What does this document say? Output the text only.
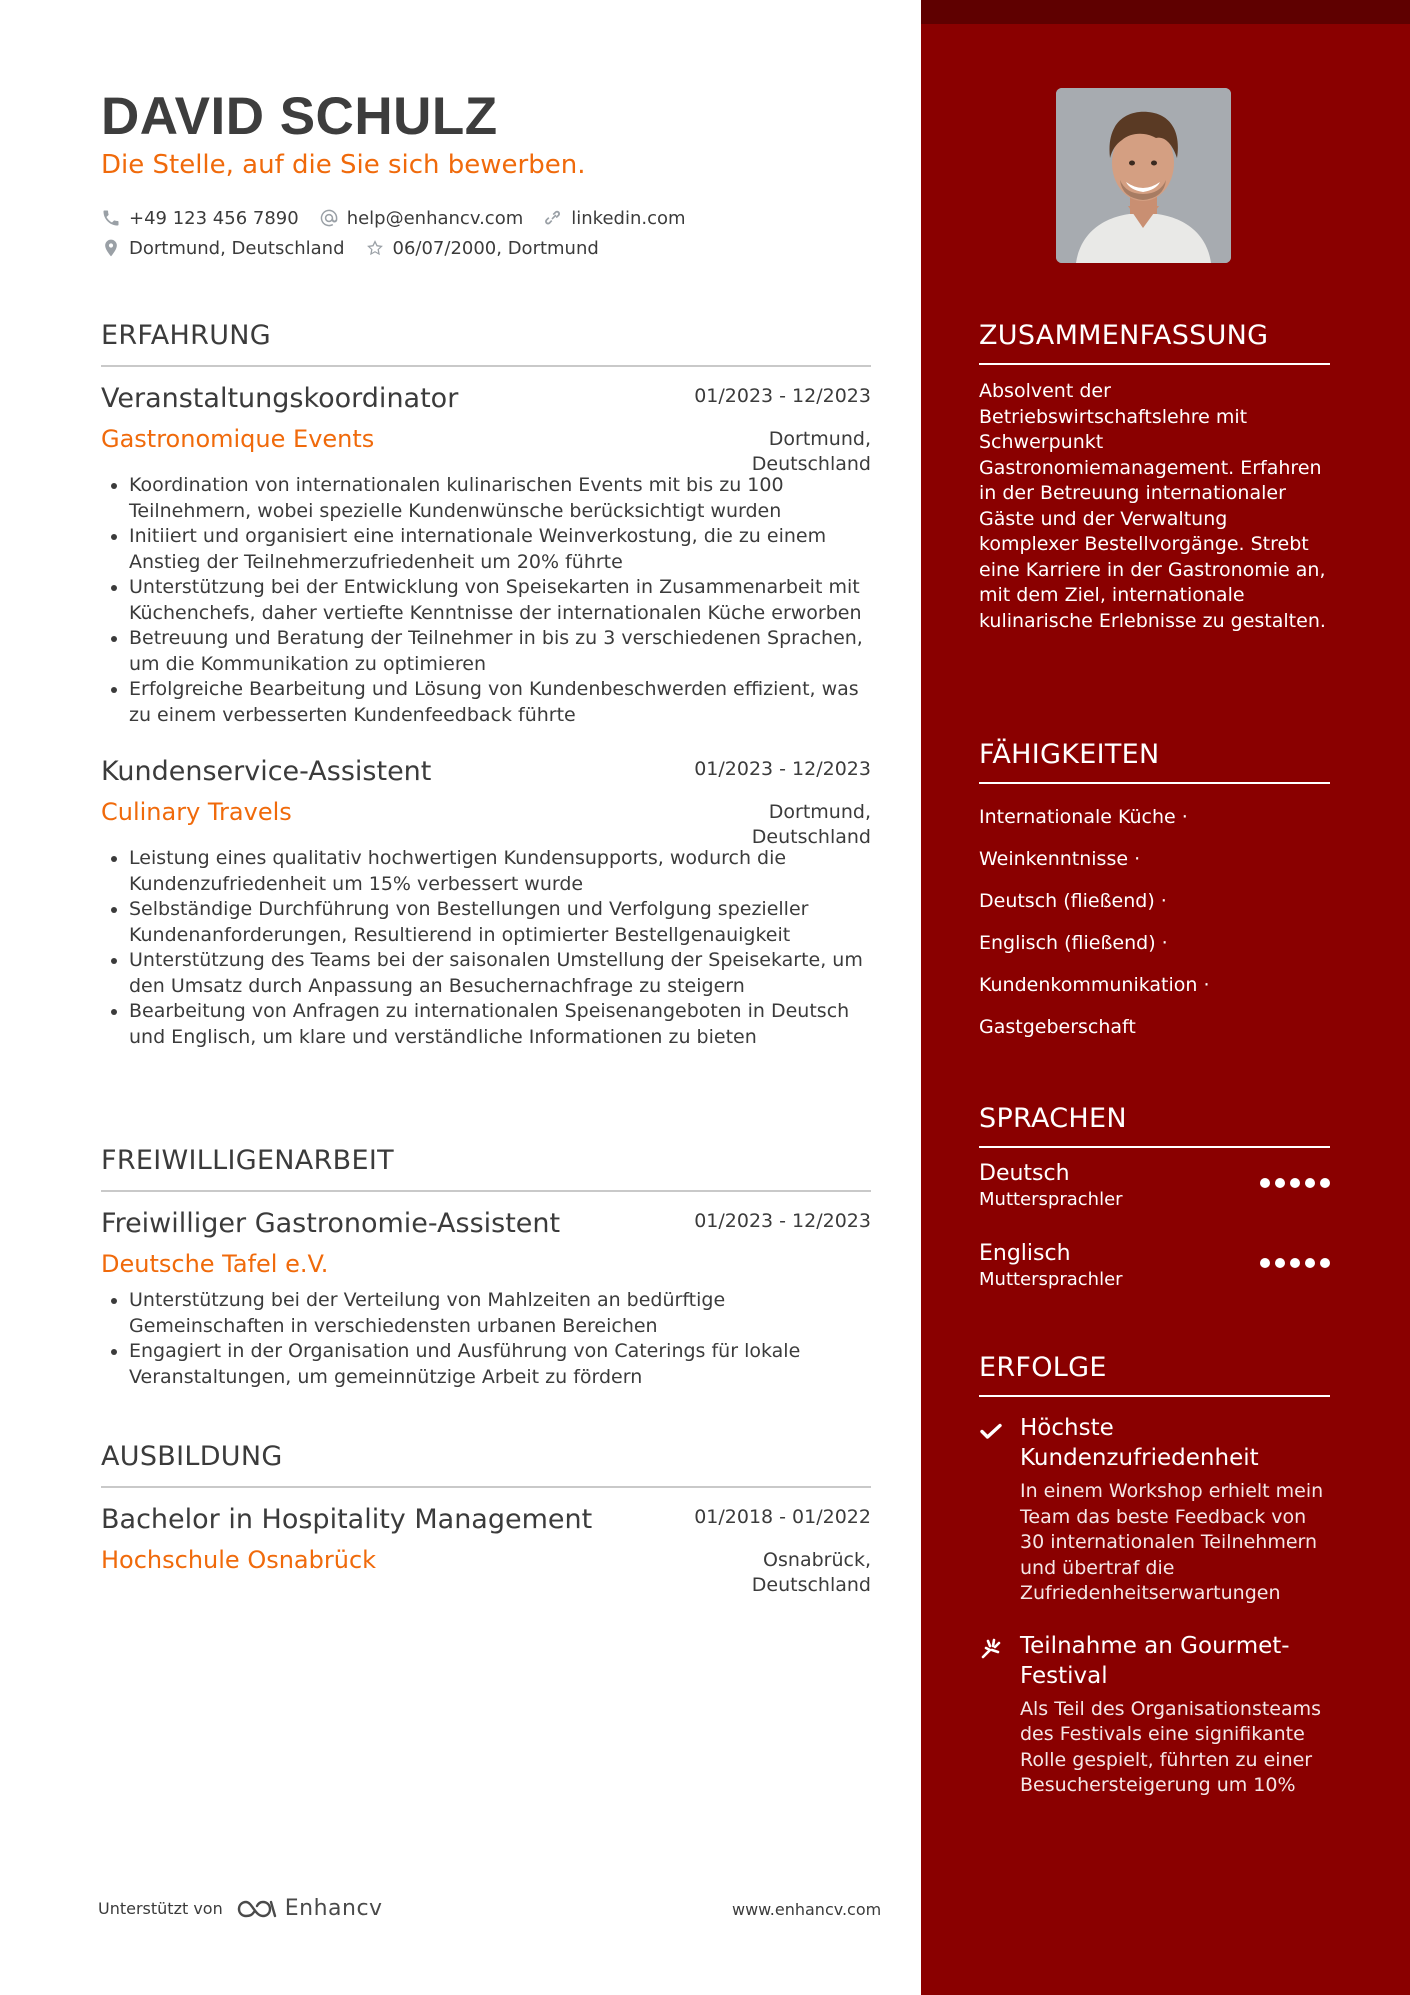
DAVID SCHULZ
Die Stelle, auf die Sie sich bewerben.
+49 123 456 7890	help@enhancv.com	linkedin.com
Dortmund, Deutschland	06/07/2000, Dortmund
ERFAHRUNG
Veranstaltungskoordinator	01/2023 - 12/2023
Gastronomique Events	Dortmund,
Deutschland
Koordination von internationalen kulinarischen Events mit bis zu 100 Teilnehmern, wobei spezielle Kundenwünsche berücksichtigt wurden
Initiiert und organisiert eine internationale Weinverkostung, die zu einem Anstieg der Teilnehmerzufriedenheit um 20% führte
Unterstützung bei der Entwicklung von Speisekarten in Zusammenarbeit mit Küchenchefs, daher vertiefte Kenntnisse der internationalen Küche erworben
Betreuung und Beratung der Teilnehmer in bis zu 3 verschiedenen Sprachen, um die Kommunikation zu optimieren
Erfolgreiche Bearbeitung und Lösung von Kundenbeschwerden effizient, was zu einem verbesserten Kundenfeedback führte
Kundenservice-Assistent	01/2023 - 12/2023
Culinary Travels	Dortmund,
Deutschland
Leistung eines qualitativ hochwertigen Kundensupports, wodurch die Kundenzufriedenheit um 15% verbessert wurde
Selbständige Durchführung von Bestellungen und Verfolgung spezieller Kundenanforderungen, Resultierend in optimierter Bestellgenauigkeit
Unterstützung des Teams bei der saisonalen Umstellung der Speisekarte, um den Umsatz durch Anpassung an Besuchernachfrage zu steigern
Bearbeitung von Anfragen zu internationalen Speisenangeboten in Deutsch und Englisch, um klare und verständliche Informationen zu bieten
FREIWILLIGENARBEIT
Freiwilliger Gastronomie-Assistent	01/2023 - 12/2023
Deutsche Tafel e.V.
Unterstützung bei der Verteilung von Mahlzeiten an bedürftige Gemeinschaften in verschiedensten urbanen Bereichen
Engagiert in der Organisation und Ausführung von Caterings für lokale Veranstaltungen, um gemeinnützige Arbeit zu fördern
AUSBILDUNG
Bachelor in Hospitality Management	01/2018 - 01/2022
Hochschule Osnabrück	Osnabrück,
Deutschland
Unterstützt von	Enhancv	www.enhancv.com
ZUSAMMENFASSUNG
Absolvent der Betriebswirtschaftslehre mit Schwerpunkt Gastronomiemanagement. Erfahren in der Betreuung internationaler Gäste und der Verwaltung komplexer Bestellvorgänge. Strebt eine Karriere in der Gastronomie an, mit dem Ziel, internationale kulinarische Erlebnisse zu gestalten.
FÄHIGKEITEN
Internationale Küche ·
Weinkenntnisse ·
Deutsch (fließend) ·
Englisch (fließend) ·
Kundenkommunikation ·
Gastgeberschaft
SPRACHEN
Deutsch
Muttersprachler
Englisch
Muttersprachler
ERFOLGE
Höchste Kundenzufriedenheit
In einem Workshop erhielt mein Team das beste Feedback von 30 internationalen Teilnehmern und übertraf die Zufriedenheitserwartungen
Teilnahme an Gourmet-Festival
Als Teil des Organisationsteams des Festivals eine signifikante Rolle gespielt, führten zu einer Besuchersteigerung um 10%
